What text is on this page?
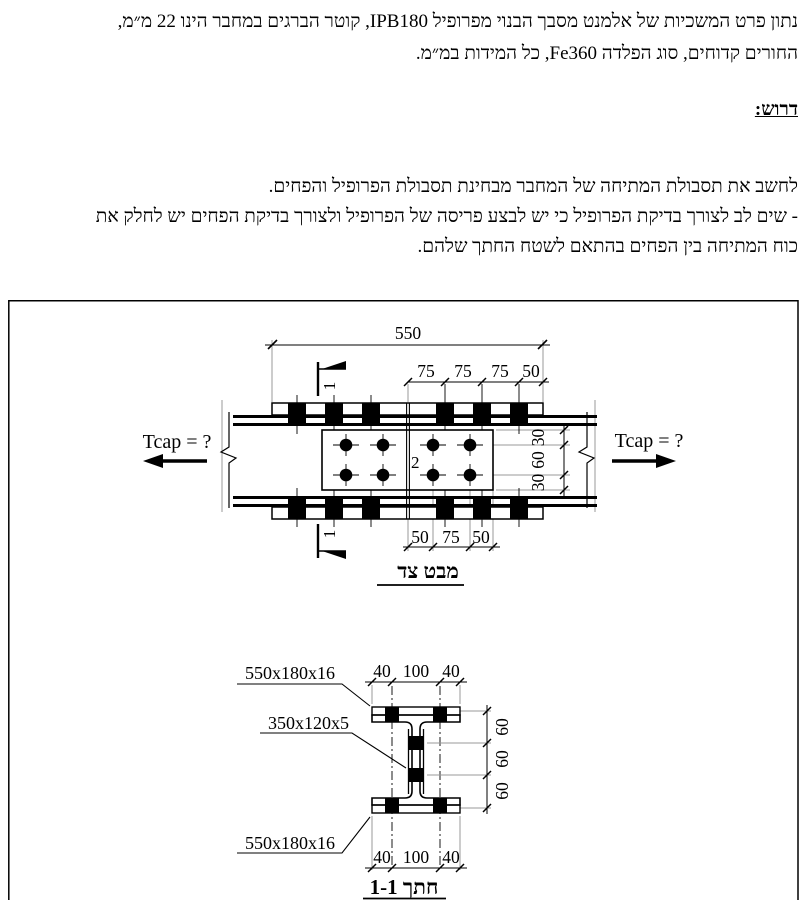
נתון פרט המשכיות של אלמנט מסבך הבנוי מפרופיל IPB180, קוטר הברגים במחבר הינו 22 מ״מ,
החורים קדוחים, סוג הפלדה Fe360, כל המידות במ״מ.
דרוש:
לחשב את תסבולת המתיחה של המחבר מבחינת תסבולת הפרופיל והפחים.
- שים לב לצורך בדיקת הפרופיל כי יש לבצע פריסה של הפרופיל ולצורך בדיקת הפחים יש לחלק את
כוח המתיחה בין הפחים בהתאם לשטח החתך שלהם.
550
75 75 75 50
2
30
60
30
50 75 50
Tcap = ?	Tcap = ?
1
1
מבט צד
40 100 40
60
60
60
40 100 40
550x180x16
350x120x5
550x180x16
חתך 1-1
